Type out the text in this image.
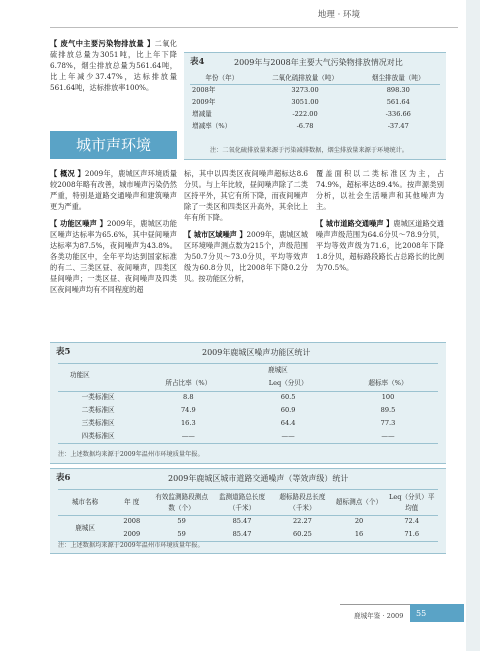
地理 · 环境

【 废气中主要污染物排放量 】二氧化硫排放总量为3051吨，比上年下降6.78%，烟尘排放总量为561.64吨，比上年减少37.47%，达标排放量561.64吨，达标排放率100%。

城市声环境

【 概况 】2009年，鹿城区声环境质量较2008年略有改善，城市噪声污染仍然严重，特别是道路交通噪声和建筑噪声更为严重。

【 功能区噪声 】2009年，鹿城区功能区噪声达标率为65.6%，其中昼间噪声达标率为87.5%，夜间噪声为43.8%。各类功能区中，全年平均达到国家标准的有二、三类区昼、夜间噪声，四类区昼间噪声；一类区昼、夜间噪声及四类区夜间噪声均有不同程度的超

表4	2009年与2008年主要大气污染物排放情况对比
年份（年）	二氧化硫排放量（吨）	烟尘排放量（吨）
2008年	3273.00	898.30
2009年	3051.00	561.64
增减量	-222.00	-336.66
增减率（%）	-6.78	-37.47
注：二氧化硫排放量来源于污染减排数据，烟尘排放量来源于环境统计。

标，其中以四类区夜间噪声超标达8.6分贝。与上年比较，昼间噪声除了二类区持平外，其它有所下降，而夜间噪声除了一类区和四类区升高外，其余比上年有所下降。

【 城市区域噪声 】2009年，鹿城区城区环境噪声测点数为215个，声级范围为50.7分贝～73.0分贝，平均等效声级为60.8分贝，比2008年下降0.2分贝。按功能区分析，

覆盖面积以二类标准区为主，占74.9%，超标率达89.4%。按声源类别分析，以社会生活噪声和其他噪声为主。

【 城市道路交通噪声 】鹿城区道路交通噪声声级范围为64.6分贝～78.9分贝，平均等效声级为71.6，比2008年下降1.8分贝，超标路段路长占总路长的比例为70.5%。

表5	2009年鹿城区噪声功能区统计
功能区
鹿城区
	所占比率（%）	Leq（分贝）	超标率（%）
一类标准区	8.8	60.5	100
二类标准区	74.9	60.9	89.5
三类标准区	16.3	64.4	77.3
四类标准区	——	——	——
注：上述数据均来源于2009年温州市环境质量年报。
表6	2009年鹿城区城市道路交通噪声（等效声级）统计
城市名称	年 度	有效监测路段测点数（个）	监测道路总长度（千米）	超标路段总长度（千米）	超标测点（个）	Leq（分贝）平均值
鹿城区	2008	59	85.47	22.27	20	72.4
	2009	59	85.47	60.25	16	71.6
注：上述数据均来源于2009年温州市环境质量年报。
鹿城年鉴 · 2009	55
